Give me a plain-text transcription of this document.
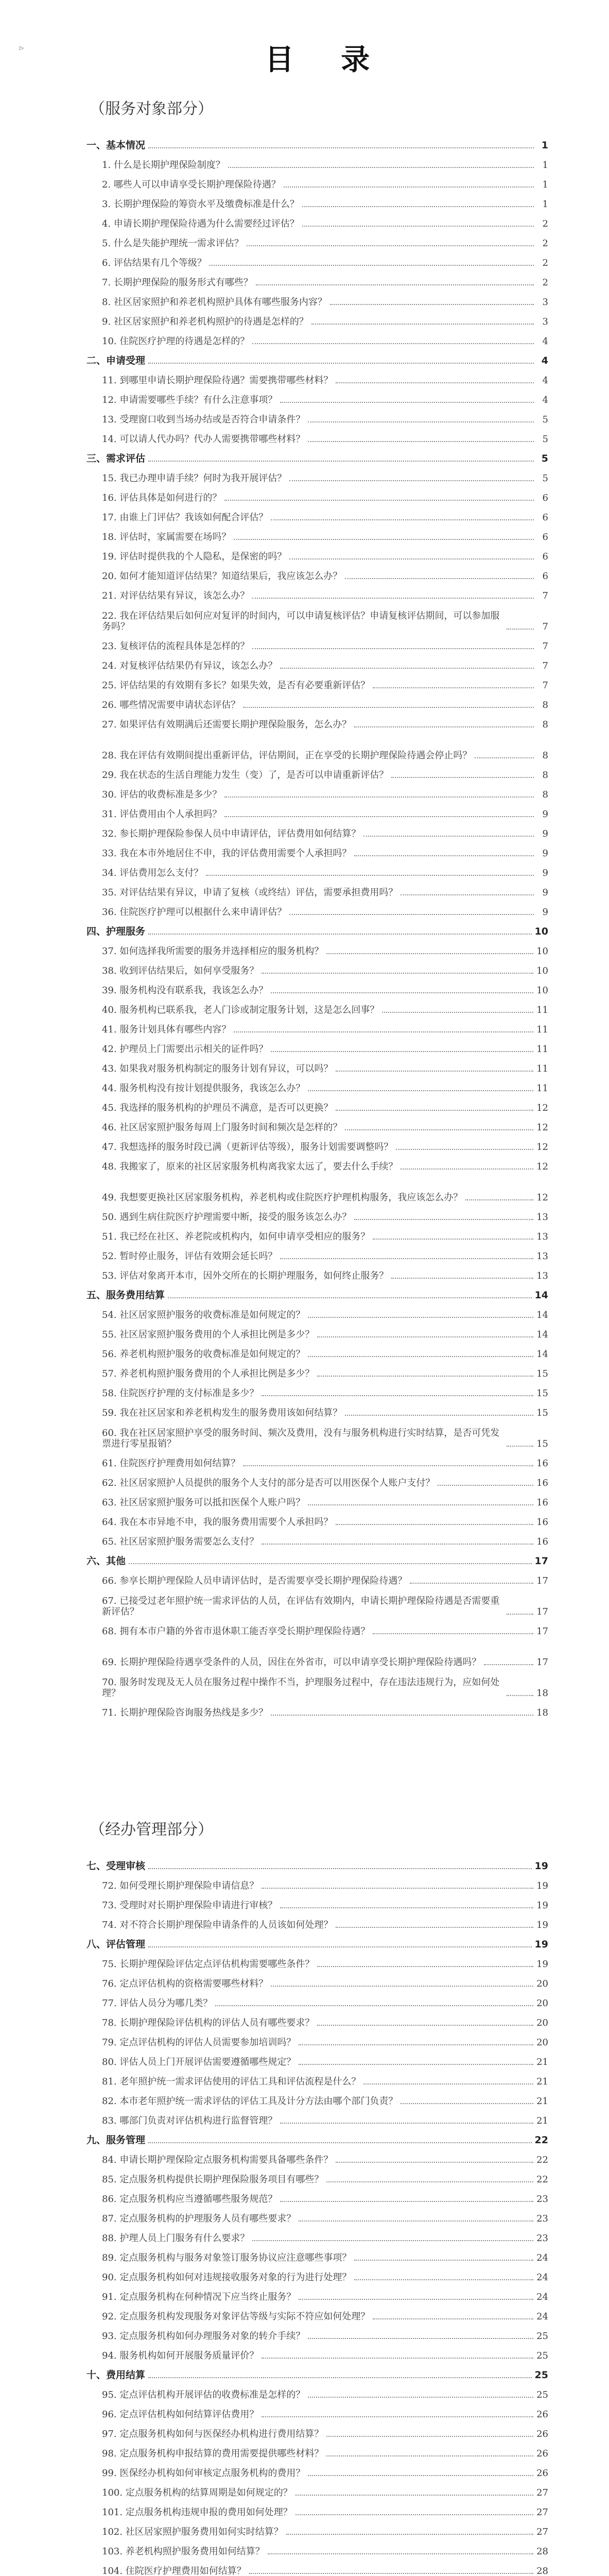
⊳	目 录
（服务对象部分）
一、基本情况	1
1. 什么是长期护理保险制度？	1
2. 哪些人可以申请享受长期护理保险待遇？	1
3. 长期护理保险的筹资水平及缴费标准是什么？	1
4. 申请长期护理保险待遇为什么需要经过评估？	2
5. 什么是失能护理统一需求评估？	2
6. 评估结果有几个等级？	2
7. 长期护理保险的服务形式有哪些？	2
8. 社区居家照护和养老机构照护具体有哪些服务内容？	3
9. 社区居家照护和养老机构照护的待遇是怎样的？	3
10. 住院医疗护理的待遇是怎样的？	4
二、申请受理	4
11. 到哪里申请长期护理保险待遇？需要携带哪些材料？	4
12. 申请需要哪些手续？有什么注意事项？	4
13. 受理窗口收到当场办结或是否符合申请条件？	5
14. 可以请人代办吗？代办人需要携带哪些材料？	5
三、需求评估	5
15. 我已办理申请手续？何时为我开展评估？	5
16. 评估具体是如何进行的？	6
17. 由谁上门评估？我该如何配合评估？	6
18. 评估时，家属需要在场吗？	6
19. 评估时提供我的个人隐私，是保密的吗？	6
20. 如何才能知道评估结果？知道结果后，我应该怎么办？	6
21. 对评估结果有异议，该怎么办？	7
22. 我在评估结果后如何应对复评的时间内，可以申请复核评估？申请复核评估期间，可以参加服务吗？	7
23. 复核评估的流程具体是怎样的？	7
24. 对复核评估结果仍有异议，该怎么办？	7
25. 评估结果的有效期有多长？如果失效，是否有必要重新评估？	7
26. 哪些情况需要申请状态评估？	8
27. 如果评估有效期满后还需要长期护理保险服务，怎么办？	8
28. 我在评估有效期间提出重新评估，评估期间，正在享受的长期护理保险待遇会停止吗？	8
29. 我在状态的生活自理能力发生（变）了，是否可以申请重新评估？	8
30. 评估的收费标准是多少？	8
31. 评估费用由个人承担吗？	9
32. 参长期护理保险参保人员中申请评估，评估费用如何结算？	9
33. 我在本市外地居住不申，我的评估费用需要个人承担吗？	9
34. 评估费用怎么支付？	9
35. 对评估结果有异议，申请了复核（或终结）评估，需要承担费用吗？	9
36. 住院医疗护理可以根据什么来申请评估？	9
四、护理服务	10
37. 如何选择我所需要的服务并选择相应的服务机构？	10
38. 收到评估结果后，如何享受服务？	10
39. 服务机构没有联系我，我该怎么办？	10
40. 服务机构已联系我，老人门诊或制定服务计划，这是怎么回事？	11
41. 服务计划具体有哪些内容？	11
42. 护理员上门需要出示相关的证件吗？	11
43. 如果我对服务机构制定的服务计划有异议，可以吗？	11
44. 服务机构没有按计划提供服务，我该怎么办？	11
45. 我选择的服务机构的护理员不满意，是否可以更换？	12
46. 社区居家照护服务每周上门服务时间和频次是怎样的？	12
47. 我想选择的服务时段已满（更新评估等级），服务计划需要调整吗？	12
48. 我搬家了，原来的社区居家服务机构离我家太远了，要去什么手续？	12
49. 我想要更换社区居家服务机构，养老机构或住院医疗护理机构服务，我应该怎么办？	12
50. 遇到生病住院医疗护理需要中断，接受的服务该怎么办？	13
51. 我已经在社区、养老院或机构内，如何申请享受相应的服务？	13
52. 暂时停止服务，评估有效期会延长吗？	13
53. 评估对象离开本市，因外交所在的长期护理服务，如何终止服务？	13
五、服务费用结算	14
54. 社区居家照护服务的收费标准是如何规定的？	14
55. 社区居家照护服务费用的个人承担比例是多少？	14
56. 养老机构照护服务的收费标准是如何规定的？	14
57. 养老机构照护服务费用的个人承担比例是多少？	15
58. 住院医疗护理的支付标准是多少？	15
59. 我在社区居家和养老机构发生的服务费用该如何结算？	15
60. 我在社区居家照护享受的服务时间、频次及费用，没有与服务机构进行实时结算，是否可凭发票进行零星报销？	15
61. 住院医疗护理费用如何结算？	16
62. 社区居家照护人员提供的服务个人支付的部分是否可以用医保个人账户支付？	16
63. 社区居家照护服务可以抵扣医保个人账户吗？	16
64. 我在本市异地不申，我的服务费用需要个人承担吗？	16
65. 社区居家照护服务需要怎么支付？	16
六、其他	17
66. 参享长期护理保险人员申请评估时，是否需要享受长期护理保险待遇？	17
67. 已接受过老年照护统一需求评估的人员，在评估有效期内，申请长期护理保险待遇是否需要重新评估？	17
68. 拥有本市户籍的外省市退休职工能否享受长期护理保险待遇？	17
69. 长期护理保险待遇享受条件的人员，因住在外省市，可以申请享受长期护理保险待遇吗？	17
70. 服务时发现及无人员在服务过程中操作不当，护理服务过程中，存在违法违规行为，应如何处理？	18
71. 长期护理保险咨询服务热线是多少？	18
（经办管理部分）
七、受理审核	19
72. 如何受理长期护理保险申请信息？	19
73. 受理时对长期护理保险申请进行审核？	19
74. 对不符合长期护理保险申请条件的人员该如何处理？	19
八、评估管理	19
75. 长期护理保险评估定点评估机构需要哪些条件？	19
76. 定点评估机构的资格需要哪些材料？	20
77. 评估人员分为哪几类？	20
78. 长期护理保险评估机构的评估人员有哪些要求？	20
79. 定点评估机构的评估人员需要参加培训吗？	20
80. 评估人员上门开展评估需要遵循哪些规定？	21
81. 老年照护统一需求评估使用的评估工具和评估流程是什么？	21
82. 本市老年照护统一需求评估的评估工具及计分方法由哪个部门负责？	21
83. 哪部门负责对评估机构进行监督管理？	21
九、服务管理	22
84. 申请长期护理保险定点服务机构需要具备哪些条件？	22
85. 定点服务机构提供长期护理保险服务项目有哪些？	22
86. 定点服务机构应当遵循哪些服务规范？	23
87. 定点服务机构的护理服务人员有哪些要求？	23
88. 护理人员上门服务有什么要求？	23
89. 定点服务机构与服务对象签订服务协议应注意哪些事项？	24
90. 定点服务机构如何对违规接收服务对象的行为进行处理？	24
91. 定点服务机构在何种情况下应当终止服务？	24
92. 定点服务机构发现服务对象评估等级与实际不符应如何处理？	24
93. 定点服务机构如何办理服务对象的转介手续？	25
94. 服务机构如何开展服务质量评价？	25
十、费用结算	25
95. 定点评估机构开展评估的收费标准是怎样的？	25
96. 定点评估机构如何结算评估费用？	26
97. 定点服务机构如何与医保经办机构进行费用结算？	26
98. 定点服务机构申报结算的费用需要提供哪些材料？	26
99. 医保经办机构如何审核定点服务机构的费用？	26
100. 定点服务机构的结算周期是如何规定的？	27
101. 定点服务机构违规申报的费用如何处理？	27
102. 社区居家照护服务费用如何实时结算？	27
103. 养老机构照护服务费用如何结算？	28
104. 住院医疗护理费用如何结算？	28
